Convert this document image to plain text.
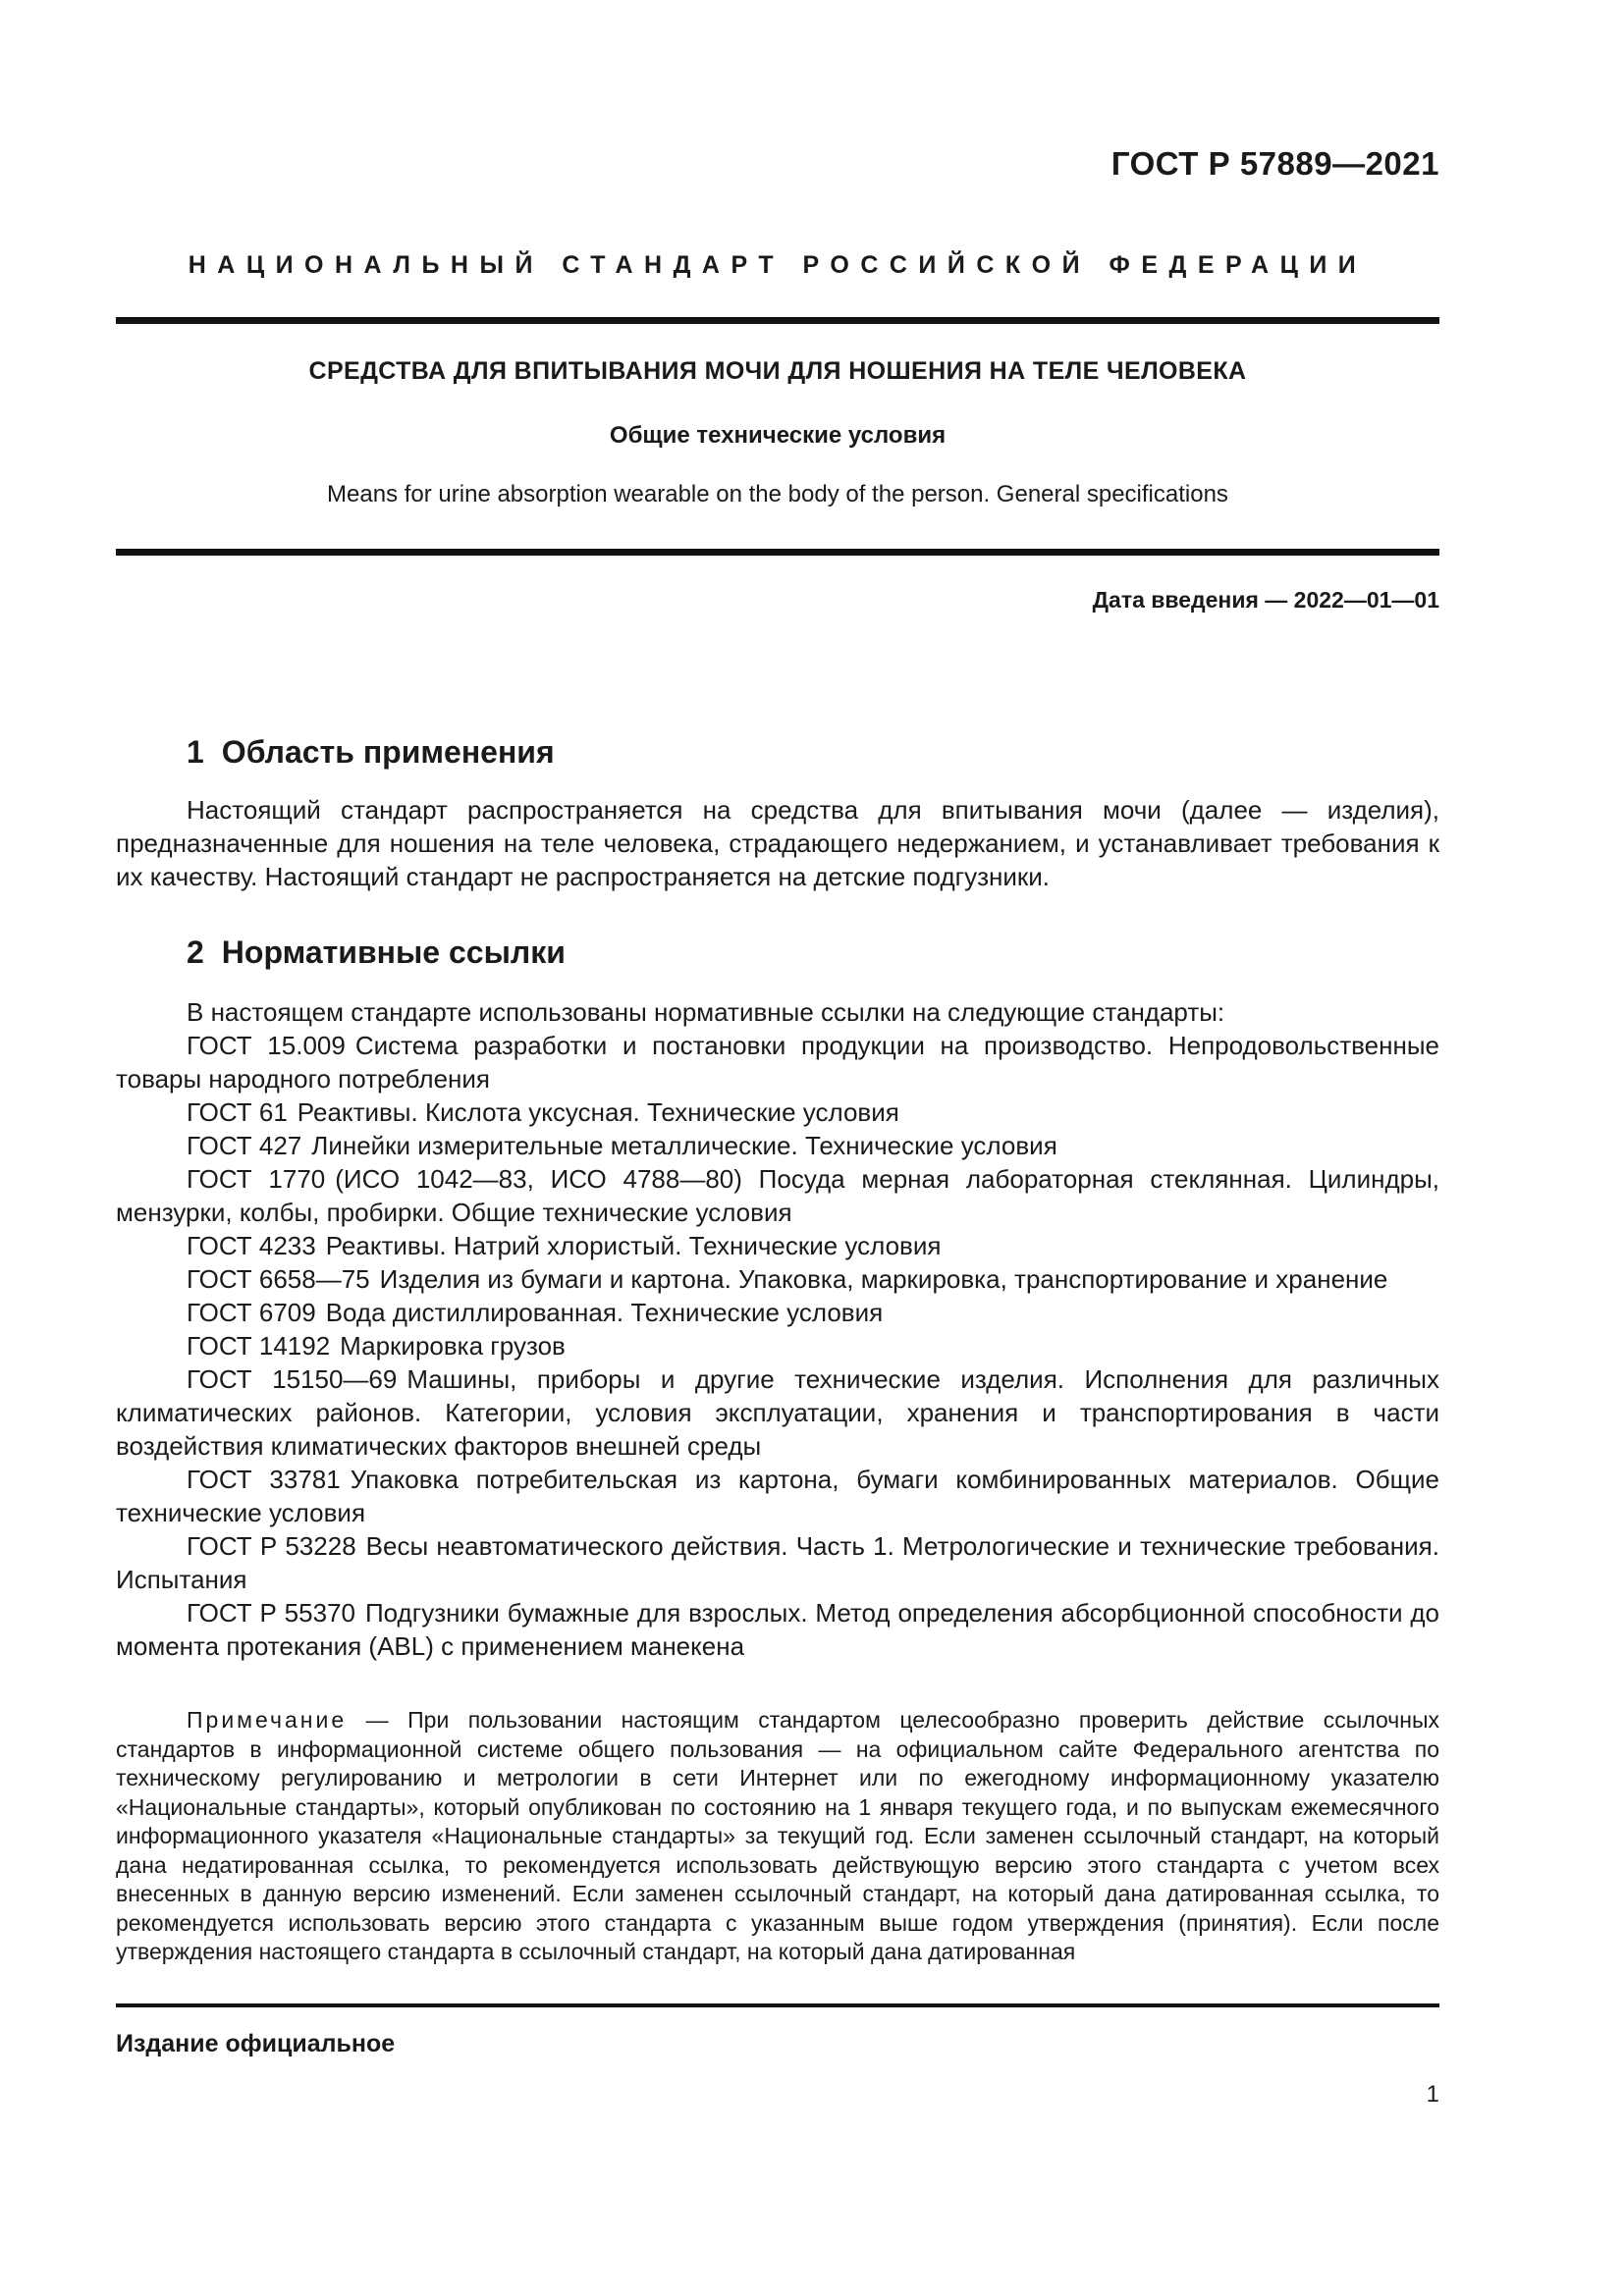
ГОСТ Р 57889—2021
НАЦИОНАЛЬНЫЙ СТАНДАРТ РОССИЙСКОЙ ФЕДЕРАЦИИ
СРЕДСТВА ДЛЯ ВПИТЫВАНИЯ МОЧИ ДЛЯ НОШЕНИЯ НА ТЕЛЕ ЧЕЛОВЕКА
Общие технические условия
Means for urine absorption wearable on the body of the person. General specifications
Дата введения — 2022—01—01
1 Область применения

Настоящий стандарт распространяется на средства для впитывания мочи (далее — изделия), предназначенные для ношения на теле человека, страдающего недержанием, и устанавливает требования к их качеству. Настоящий стандарт не распространяется на детские подгузники.

2 Нормативные ссылки

В настоящем стандарте использованы нормативные ссылки на следующие стандарты:

ГОСТ 15.009 Система разработки и постановки продукции на производство. Непродовольственные товары народного потребления

ГОСТ 61 Реактивы. Кислота уксусная. Технические условия

ГОСТ 427 Линейки измерительные металлические. Технические условия

ГОСТ 1770 (ИСО 1042—83, ИСО 4788—80) Посуда мерная лабораторная стеклянная. Цилиндры, мензурки, колбы, пробирки. Общие технические условия

ГОСТ 4233 Реактивы. Натрий хлористый. Технические условия

ГОСТ 6658—75 Изделия из бумаги и картона. Упаковка, маркировка, транспортирование и хранение

ГОСТ 6709 Вода дистиллированная. Технические условия

ГОСТ 14192 Маркировка грузов

ГОСТ 15150—69 Машины, приборы и другие технические изделия. Исполнения для различных климатических районов. Категории, условия эксплуатации, хранения и транспортирования в части воздействия климатических факторов внешней среды

ГОСТ 33781 Упаковка потребительская из картона, бумаги комбинированных материалов. Общие технические условия

ГОСТ Р 53228 Весы неавтоматического действия. Часть 1. Метрологические и технические требования. Испытания

ГОСТ Р 55370 Подгузники бумажные для взрослых. Метод определения абсорбционной способности до момента протекания (ABL) с применением манекена

Примечание — При пользовании настоящим стандартом целесообразно проверить действие ссылочных стандартов в информационной системе общего пользования — на официальном сайте Федерального агентства по техническому регулированию и метрологии в сети Интернет или по ежегодному информационному указателю «Национальные стандарты», который опубликован по состоянию на 1 января текущего года, и по выпускам ежемесячного информационного указателя «Национальные стандарты» за текущий год. Если заменен ссылочный стандарт, на который дана недатированная ссылка, то рекомендуется использовать действующую версию этого стандарта с учетом всех внесенных в данную версию изменений. Если заменен ссылочный стандарт, на который дана датированная ссылка, то рекомендуется использовать версию этого стандарта с указанным выше годом утверждения (принятия). Если после утверждения настоящего стандарта в ссылочный стандарт, на который дана датированная

Издание официальное
1
